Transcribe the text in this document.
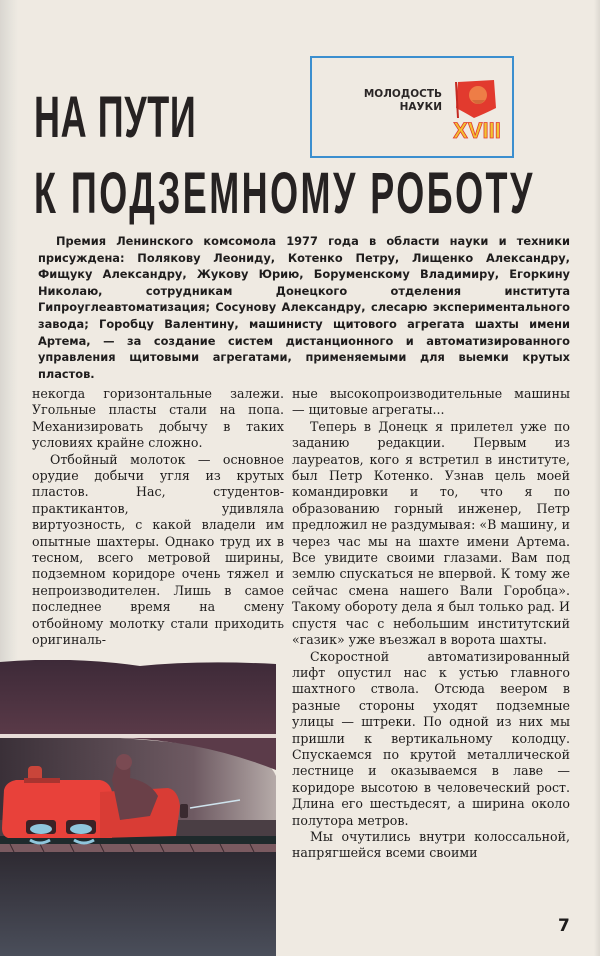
НА ПУТИ
К ПОДЗЕМНОМУ РОБОТУ
МОЛОДОСТЬ
НАУКИ
XVIII
Премия Ленинского комсомола 1977 года в области науки и техники присуждена: Полякову Леониду, Котенко Петру, Лищенко Александру, Фищуку Александру, Жукову Юрию, Боруменскому Владимиру, Егоркину Николаю, сотрудникам Донецкого отделения института Гипроуглеавтоматизация; Сосунову Александру, слесарю экспериментального завода; Горобцу Валентину, машинисту щитового агрегата шахты имени Артема, — за создание систем дистанционного и автоматизированного управления щитовыми агрегатами, применяемыми для выемки крутых пластов.

некогда горизонтальные залежи. Угольные пласты стали на попа. Механизировать добычу в таких условиях крайне сложно.

Отбойный молоток — основное орудие добычи угля из крутых пластов. Нас, студентов-практикантов, удивляла виртуозность, с какой владели им опытные шахтеры. Однако труд их в тесном, всего метровой ширины, подземном коридоре очень тяжел и непроизводителен. Лишь в самое последнее время на смену отбойному молотку стали приходить оригиналь-

ные высокопроизводительные машины — щитовые агрегаты...

Теперь в Донецк я прилетел уже по заданию редакции. Первым из лауреатов, кого я встретил в институте, был Петр Котенко. Узнав цель моей командировки и то, что я по образованию горный инженер, Петр предложил не раздумывая: «В машину, и через час мы на шахте имени Артема. Все увидите своими глазами. Вам под землю спускаться не впервой. К тому же сейчас смена нашего Вали Горобца». Такому обороту дела я был только рад. И спустя час с небольшим институтский «газик» уже въезжал в ворота шахты.

Скоростной автоматизированный лифт опустил нас к устью главного шахтного ствола. Отсюда веером в разные стороны уходят подземные улицы — штреки. По одной из них мы пришли к вертикальному колодцу. Спускаемся по крутой металлической лестнице и оказываемся в лаве — коридоре высотою в человеческий рост. Длина его шестьдесят, а ширина около полутора метров.

Мы очутились внутри колоссальной, напрягшейся всеми своими

7
